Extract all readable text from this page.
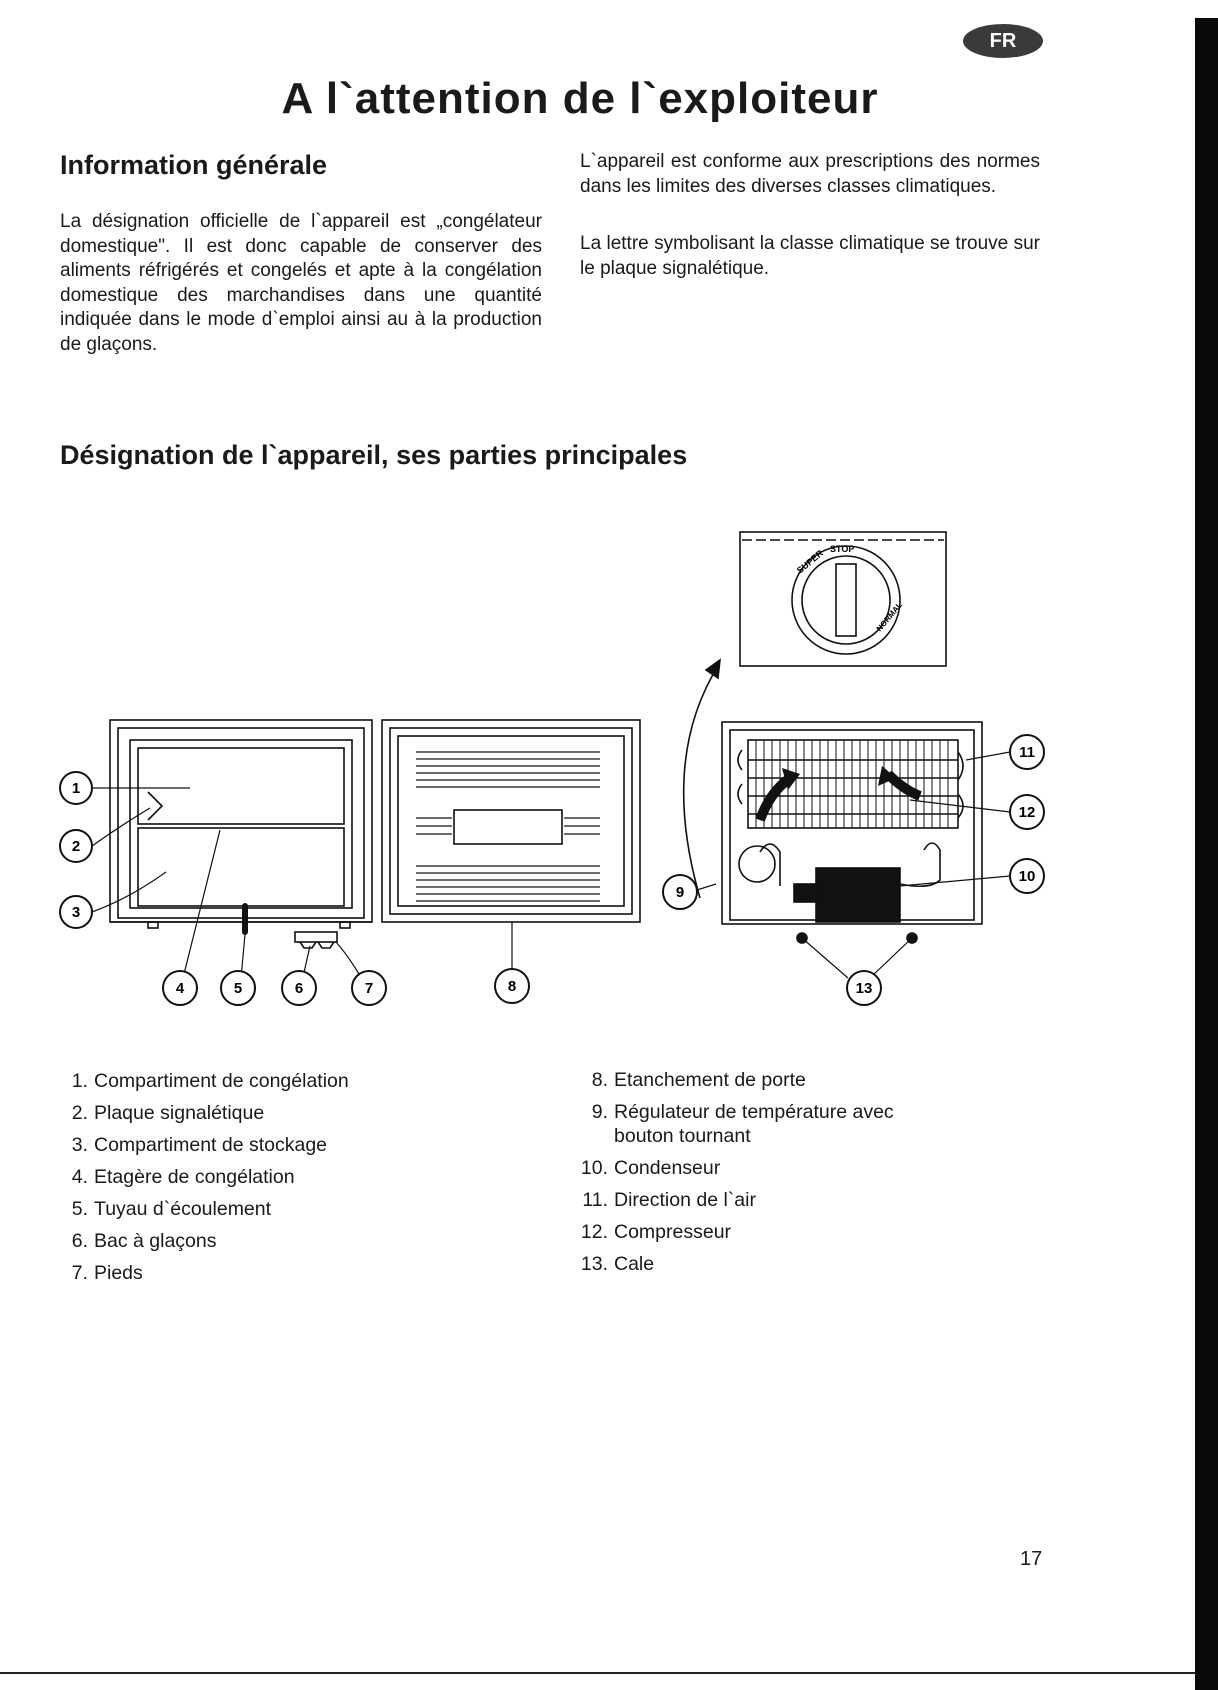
FR
A l`attention de l`exploiteur
Information générale
La désignation officielle de l`appareil est „congélateur domestique". Il est donc capable de conserver des aliments réfrigérés et congelés et apte à la congélation domestique des marchandises dans une quantité indiquée dans le mode d`emploi ainsi au à la production de glaçons.
L`appareil est conforme aux prescriptions des normes dans les limites des diverses classes climatiques.
La lettre symbolisant la classe climatique se trouve sur le plaque signalétique.
Désignation de l`appareil, ses parties principales
SUPER STOP
NORMAL
1
2
3
4	5	6	7	8
9
10
11
12
13
1. Compartiment de congélation
2. Plaque signalétique
3. Compartiment de stockage
4. Etagère de congélation
5. Tuyau d`écoulement
6. Bac à glaçons
7. Pieds
8. Etanchement de porte
9. Régulateur de température avec bouton tournant
10. Condenseur
11. Direction de l`air
12. Compresseur
13. Cale
17
